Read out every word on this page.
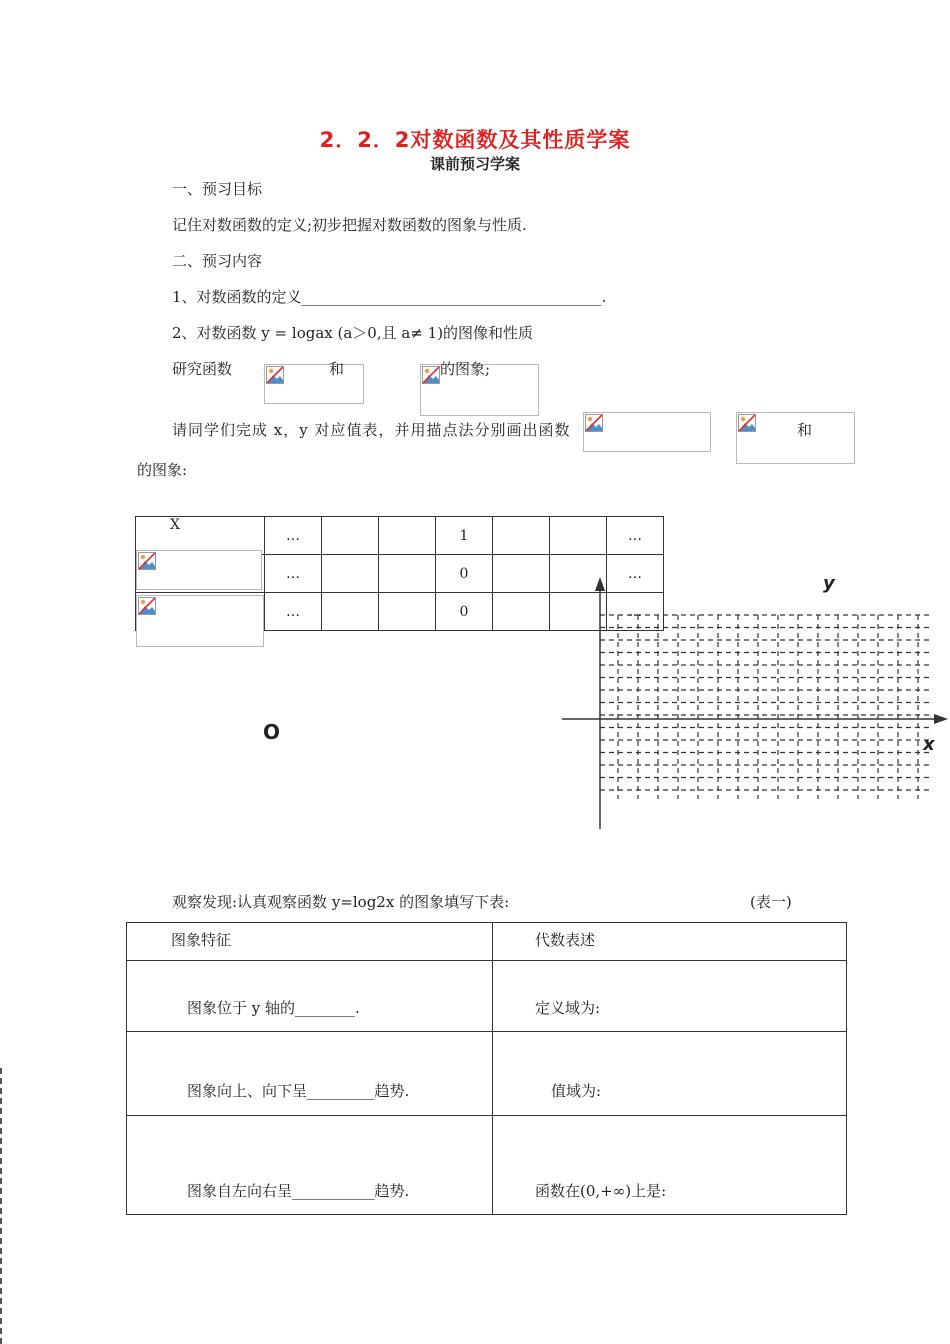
2．2．2对数函数及其性质学案
课前预习学案
一、预习目标
记住对数函数的定义;初步把握对数函数的图象与性质.
二、预习内容
1、对数函数的定义________________________________________.
2、对数函数 y = logax (a＞0,且 a≠ 1)的图像和性质
研究函数	和	的图象;
请同学们完成 x，y 对应值表，并用描点法分别画出函数	和
的图象:
X	…			1			…

	…			0			…

	…			0			…
y
x
O
观察发现:认真观察函数 y=log2x 的图象填写下表:	(表一)
图象特征	代数表述
图象位于 y 轴的________.	定义域为:
图象向上、向下呈_________趋势.	值域为:
图象自左向右呈___________趋势.	函数在(0,+∞)上是:
